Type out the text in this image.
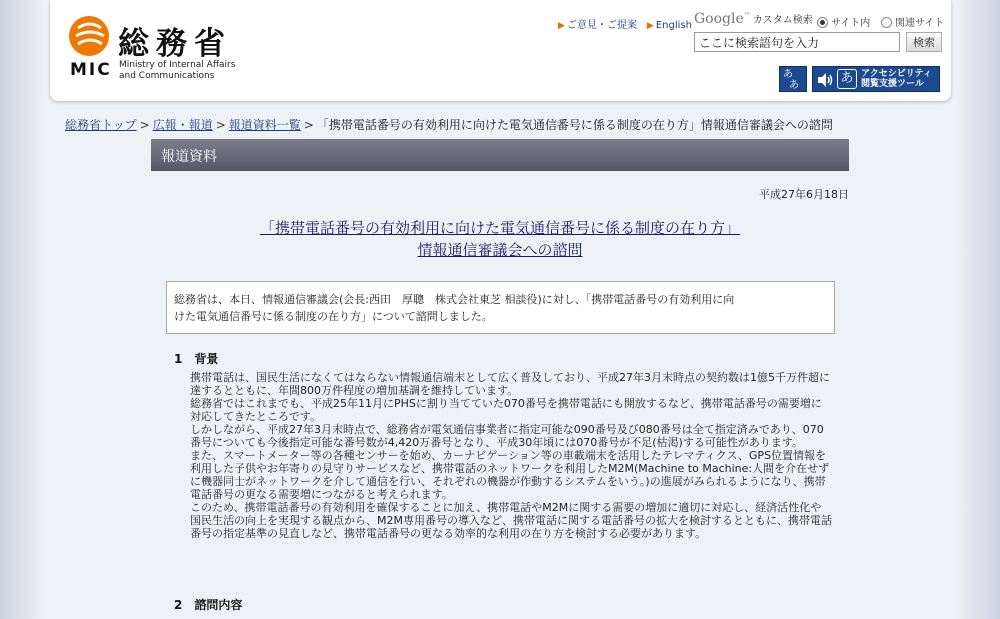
MIC
総務省
Ministry of Internal Affairs
and Communications
▶ ご意見・ご提案 ▶ English Google™ カスタム検索	サイト内	関連サイト
ここに検索語句を入力
検索
あ
あ	あ アクセシビリティ
閲覧支援ツール
総務省トップ > 広報・報道 > 報道資料一覧 > 「携帯電話番号の有効利用に向けた電気通信番号に係る制度の在り方」情報通信審議会への諮問
報道資料
平成27年6月18日
「携帯電話番号の有効利用に向けた電気通信番号に係る制度の在り方」
情報通信審議会への諮問
総務省は、本日、情報通信審議会(会長:西田　厚聰　株式会社東芝 相談役)に対し、「携帯電話番号の有効利用に向
けた電気通信番号に係る制度の在り方」について諮問しました。
1　背景

携帯電話は、国民生活になくてはならない情報通信端末として広く普及しており、平成27年3月末時点の契約数は1億5千万件超に達するとともに、年間800万件程度の増加基調を維持しています。

総務省ではこれまでも、平成25年11月にPHSに割り当てていた070番号を携帯電話にも開放するなど、携帯電話番号の需要増に対応してきたところです。

しかしながら、平成27年3月末時点で、総務省が電気通信事業者に指定可能な090番号及び080番号は全て指定済みであり、070番号についても今後指定可能な番号数が4,420万番号となり、平成30年頃には070番号が不足(枯渇)する可能性があります。

また、スマートメーター等の各種センサーを始め、カーナビゲーション等の車載端末を活用したテレマティクス、GPS位置情報を利用した子供やお年寄りの見守りサービスなど、携帯電話のネットワークを利用したM2M(Machine to Machine:人間を介在せずに機器同士がネットワークを介して通信を行い、それぞれの機器が作動するシステムをいう。)の進展がみられるようになり、携帯電話番号の更なる需要増につながると考えられます。

このため、携帯電話番号の有効利用を確保することに加え、携帯電話やM2Mに関する需要の増加に適切に対応し、経済活性化や国民生活の向上を実現する観点から、M2M専用番号の導入など、携帯電話に関する電話番号の拡大を検討するとともに、携帯電話番号の指定基準の見直しなど、携帯電話番号の更なる効率的な利用の在り方を検討する必要があります。

2　諮問内容
